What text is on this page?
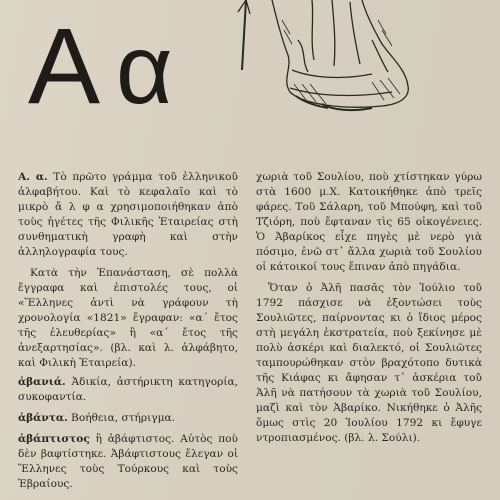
Α α

Α. α. Τὸ πρῶτο γράμμα τοῦ ἑλληνικοῦ ἀλφαβήτου. Καὶ τὸ κεφαλαῖο καὶ τὸ μικρὸ ἄ λ φ α χρησιμοποιήθηκαν ἀπὸ τοὺς ἠγέτες τῆς Φιλικῆς Ἑταιρείας στὴ συνθηματικὴ γραφὴ καὶ στὴν ἀλληλογραφία τους.

Κατὰ τὴν Ἐπανάσταση, σὲ πολλὰ ἔγγραφα καὶ ἐπιστολές τους, οἱ «Ἕλληνες ἀντὶ νὰ γράφουν τὴ χρονολογία «1821» ἔγραφαν: «α΄ ἔτος τῆς ἐλευθερίας» ἢ «α΄ ἔτος τῆς ἀνεξαρτησίας». (βλ. καὶ λ. ἀλφάβητο, καὶ Φιλικὴ Ἑταιρεία).

ἀβανιά. Ἀδικία, ἀστήρικτη κατηγορία, συκοφαντία.

ἀβάντα. Βοήθεια, στήριγμα.

ἀβάπτιστος ἢ ἀβάφτιστος. Αὐτὸς ποὺ δὲν βαφτίστηκε. Ἀβάφτιστους ἔλεγαν οἱ Ἕλληνες τοὺς Τούρκους καὶ τοὺς Ἑβραίους.

χωριὰ τοῦ Σουλίου, ποὺ χτίστηκαν γύρω στὰ 1600 μ.Χ. Κατοικήθηκε ἀπὸ τρεῖς φάρες. Τοῦ Σάλαρη, τοῦ Μπούφη, καὶ τοῦ Τζιόρη, ποὺ ἔφταναν τὶς 65 οἰκογένειες. Ὁ Ἀβαρίκος εἶχε πηγὲς μὲ νερὸ γιὰ πόσιμο, ἐνῶ στ᾿ ἄλλα χωριὰ τοῦ Σουλίου οἱ κάτοικοί τους ἔπιναν ἀπὸ πηγάδια.

Ὅταν ὁ Ἀλῆ πασᾶς τὸν Ἰούλιο τοῦ 1792 πάσχισε νὰ ἐξοντώσει τοὺς Σουλιῶτες, παίρνοντας κι ὁ ἴδιος μέρος στὴ μεγάλη ἐκστρατεία, ποὺ ξεκίνησε μὲ πολὺ ἀσκέρι καὶ διαλεκτό, οἱ Σουλιῶτες ταμπουρώθηκαν στὸν βραχότοπο δυτικὰ τῆς Κιάφας κι ἄφησαν τ᾿ ἀσκέρια τοῦ Ἀλῆ νὰ πατήσουν τὰ χωριὰ τοῦ Σουλίου, μαζὶ καὶ τὸν Ἀβαρίκο. Νικήθηκε ὁ Ἀλῆς ὅμως στὶς 20 Ἰουλίου 1792 κι ἔφυγε ντροπιασμένος. (βλ. λ. Σούλι).
